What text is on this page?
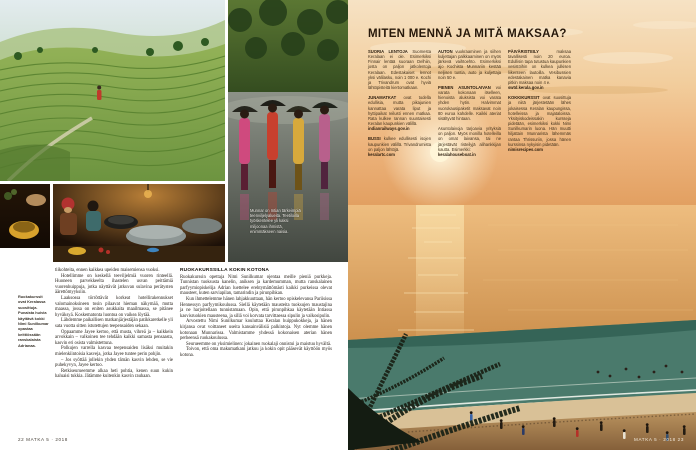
Munnar on Intian tärkeimpiä teenviljelyalueita. Teetiloilla työskentelee yli kaksi miljoonaa ihmistä, enimmäkseen naisia.
Ruokakurssit ovat Keralassa suosittuja. Punaista huivia käyttävä kokki Nimi Sunilkumar opastaa keittiössään ranskalaista Adrianaa.

tiikohteita, ennen kaikkea upeiden maisemiensa vuoksi.

Hotellimme on keskellä teeviljelmiä vuoren rinteellä. Huoneen parvekkeelta ihastelen usvan peittämiä vuorenhuippuja, jotka näyttävät jatkuvan sulavina perätysten äärettömyyksiin.

Laaksossa törröttävät korkeat hotellirakennukset valomainoksineen tosin pilaavat hieman näkymää, mutta maassa, jossa on eniten asukkaita maailmassa, se pitänee hyväksyä. Koskematonta luontoa on vaikea löytää.

Lähdemme paikallisen matkanjärjestäjän patikkaretkelle yli sata vuotta sitten istutettujen teepensaiden sekaan.

Oppaamme Jayee kertoo, että musta, vihreä ja – kaikkein arvokkain – valkoinen tee tehdään kaikki samasta pensaasta, kasvin eri osista valmistettuna.

Polkujen varrella kasvaa teepensaiden lisäksi muitakin mielenkiintoisia kasveja, jotka Jayee tuntee perin pohjin.

– Jos syöttää jollekin yhden tämän kasvin lehden, se vie puhekyvyn, Jayee kertoo.

Retkiseurueemme alkaa heti pohtia, kenen suun kukin haluaisi tukkia. Jätämme kuitenkin kasvin rauhaan.

RUOKAKURSSILLA KOKIN KOTONA

Ruokakurssin opettaja Nimi Sunilkumar ojentaa meille pieniä purkkeja. Tunnistan tuoksusta kanelin, aniksen ja kardemumman, mutta ranskalainen parfyymiopiskelija Adrian luettelee erehtymättömästi kaikki purkeissa olevat mausteet, kuten sarviapilan, tamarindin ja pirunpihkan.

Kun ihmettelemme hänen lahjakkuuttaan, hän kertoo opiskelevansa Pariisissa Hennessyn parfyymikoulussa. Siellä käytetään mausteita tuoksujen maustajina ja ne harjoitellaan tunnistamaan. Opin, että pirunpihkaa käytetään Intiassa kasvisruokien mausteena, ja sillä voi korvata tarvittaessa sipulin ja valkosipulin.

Arvostettu Nimi Sunilkumar kouluttaa Keralan huippukokkeja, ja hänen kirjansa ovat voittaneet useita kansainvälisiä palkintoja. Nyt olemme hänen kotonaan Munnarissa. Valmistamme yhdessä kokonaisen aterian hänen perheensä ruokakoulussa.

Seurueemme on yksimielinen: jokainen ruokalaji onnistui ja maistuu hyvältä.

Toivon, että oma makumatkani jatkuu ja kokin opit pääsevät käyttöön myös kotona.

22 MATKA 5 · 2018
MITEN MENNÄ JA MITÄ MAKSAA?

SUORIA LENTOJA Suomesta Keralaan ei ole. Esimerkiksi Finnair lentää suoraan Delhiin, josta on paljon jatkolentoja Keralaan. Edestakaiset lennot yksi välilasku, noin 1 000 e. Kochi ja Trivandrum ovat hyviä lähtöpisteitä kiertomatkaan.

JUNAMATKAT ovat todella edullisia, mutta pikajunien kannattaa varata liput ja hyttipaikat reilusti ennen matkaa. Rata kulkee rannan suuntaisesti Keralan kaupunkien välillä.
indianrailways.gov.in

BUSSI kulkee edullisesti isojen kaupunkien välillä. Trivandrumista on paljon lähtöjä.
keralartc.com

AUTON vuokraaminen ja siihen kuljettajan palkkaaminen on myös järkevä vaihtoehto. Esimerkiksi ajo Kochista Munnariin kestää neljisen tuntia, auto ja kuljettaja noin 50 e.

PIENEN ASUNTOLAIVAN voi varata kokonaan itselleen, hienoista aluksista voi varata yhden hytin. Halvimmat vuorokausipaketit maksavat noin 80 euroa kahdelle. Kaikki ateriat sisältyvät hintaan.

Asuntolaivoja tarjoavia yrityksiä on paljon. Myös monilla hotelleilla on omat laivansa, tai ne järjestävät risteilyjä alihankkijan kautta. Esimerkki:
keralahouseboat.in

PÄIVÄRISTEILY maksaa tavallisesti noin 20 euroa. Edullisin tapa tutustua kaupunkien vesistöihin on kulkea julkisen liikenteen lautoilla. Vesibussien edestakainen matka kanavia pitkin maksaa noin 4 e.
swtd.kerala.gov.in

KOKKIKURSSIT ovat suosittuja ja niitä järjestetään lähes jokaisessa Keralan kaupungissa, hotelleissa ja majataloissa. Yksityiskodeissakin kursseja pidetään, esimerkiksi kokki Nimi Sunilkumarin luona. Hän muutti hiljattain Munnarista lähemmäs rantaa Thrissuriin, jossa hänen kurssinsa nykyisin pidetään.
nimisrecipes.com

MATKA 5 · 2018 23
